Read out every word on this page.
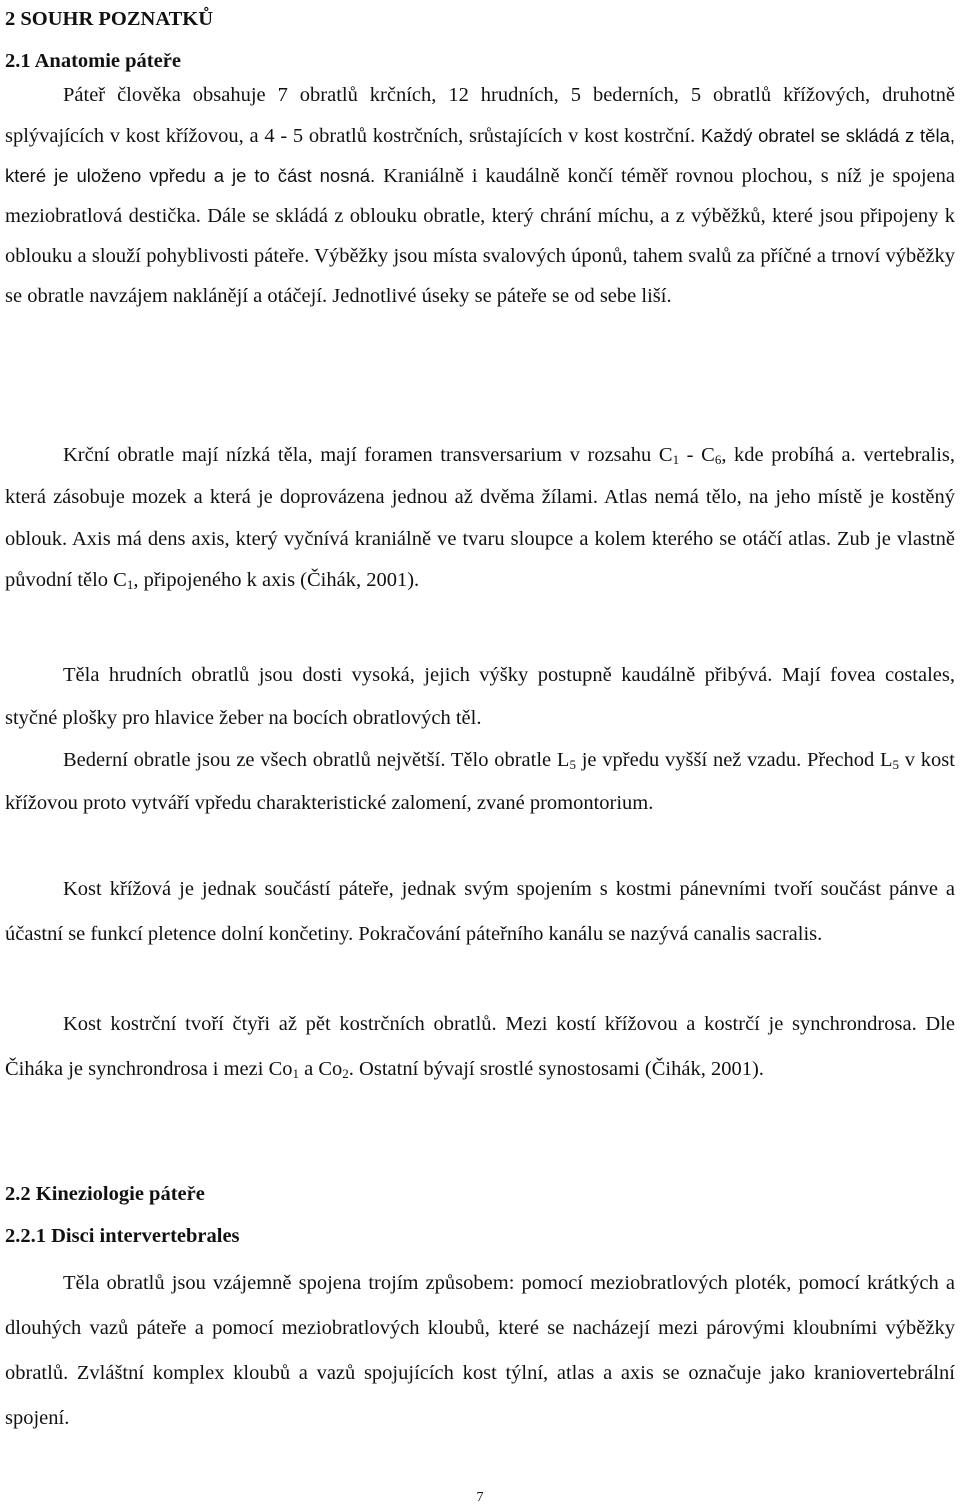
2 SOUHR POZNATKŮ
2.1 Anatomie páteře

Páteř člověka obsahuje 7 obratlů krčních, 12 hrudních, 5 bederních, 5 obratlů křížových, druhotně splývajících v kost křížovou, a 4 - 5 obratlů kostrčních, srůstajících v kost kostrční. Každý obratel se skládá z těla, které je uloženo vpředu a je to část nosná. Kraniálně i kaudálně končí téměř rovnou plochou, s níž je spojena meziobratlová destička. Dále se skládá z oblouku obratle, který chrání míchu, a z výběžků, které jsou připojeny k oblouku a slouží pohyblivosti páteře. Výběžky jsou místa svalových úponů, tahem svalů za příčné a trnoví výběžky se obratle navzájem naklánějí a otáčejí. Jednotlivé úseky se páteře se od sebe liší.

Krční obratle mají nízká těla, mají foramen transversarium v rozsahu $C_1 - C_6$, kde probíhá a. vertebralis, která zásobuje mozek a která je doprovázena jednou až dvěma žílami. Atlas nemá tělo, na jeho místě je kostěný oblouk. Axis má dens axis, který vyčnívá kraniálně ve tvaru sloupce a kolem kterého se otáčí atlas. Zub je vlastně původní tělo $C_1$, připojeného k axis (Čihák, 2001).

Těla hrudních obratlů jsou dosti vysoká, jejich výšky postupně kaudálně přibývá. Mají fovea costales, styčné plošky pro hlavice žeber na bocích obratlových těl.

Bederní obratle jsou ze všech obratlů největší. Tělo obratle $L_5$ je vpředu vyšší než vzadu. Přechod $L_5$ v kost křížovou proto vytváří vpředu charakteristické zalomení, zvané promontorium.

Kost křížová je jednak součástí páteře, jednak svým spojením s kostmi pánevními tvoří součást pánve a účastní se funkcí pletence dolní končetiny. Pokračování páteřního kanálu se nazývá canalis sacralis.

Kost kostrční tvoří čtyři až pět kostrčních obratlů. Mezi kostí křížovou a kostrčí je synchrondrosa. Dle Čiháka je synchrondrosa i mezi $Co_1$ a $Co_2$. Ostatní bývají srostlé synostosami (Čihák, 2001).

2.2 Kineziologie páteře
2.2.1 Disci intervertebrales

Těla obratlů jsou vzájemně spojena trojím způsobem: pomocí meziobratlových ploték, pomocí krátkých a dlouhých vazů páteře a pomocí meziobratlových kloubů, které se nacházejí mezi párovými kloubními výběžky obratlů. Zvláštní komplex kloubů a vazů spojujících kost týlní, atlas a axis se označuje jako kraniovertebrální spojení.

7
